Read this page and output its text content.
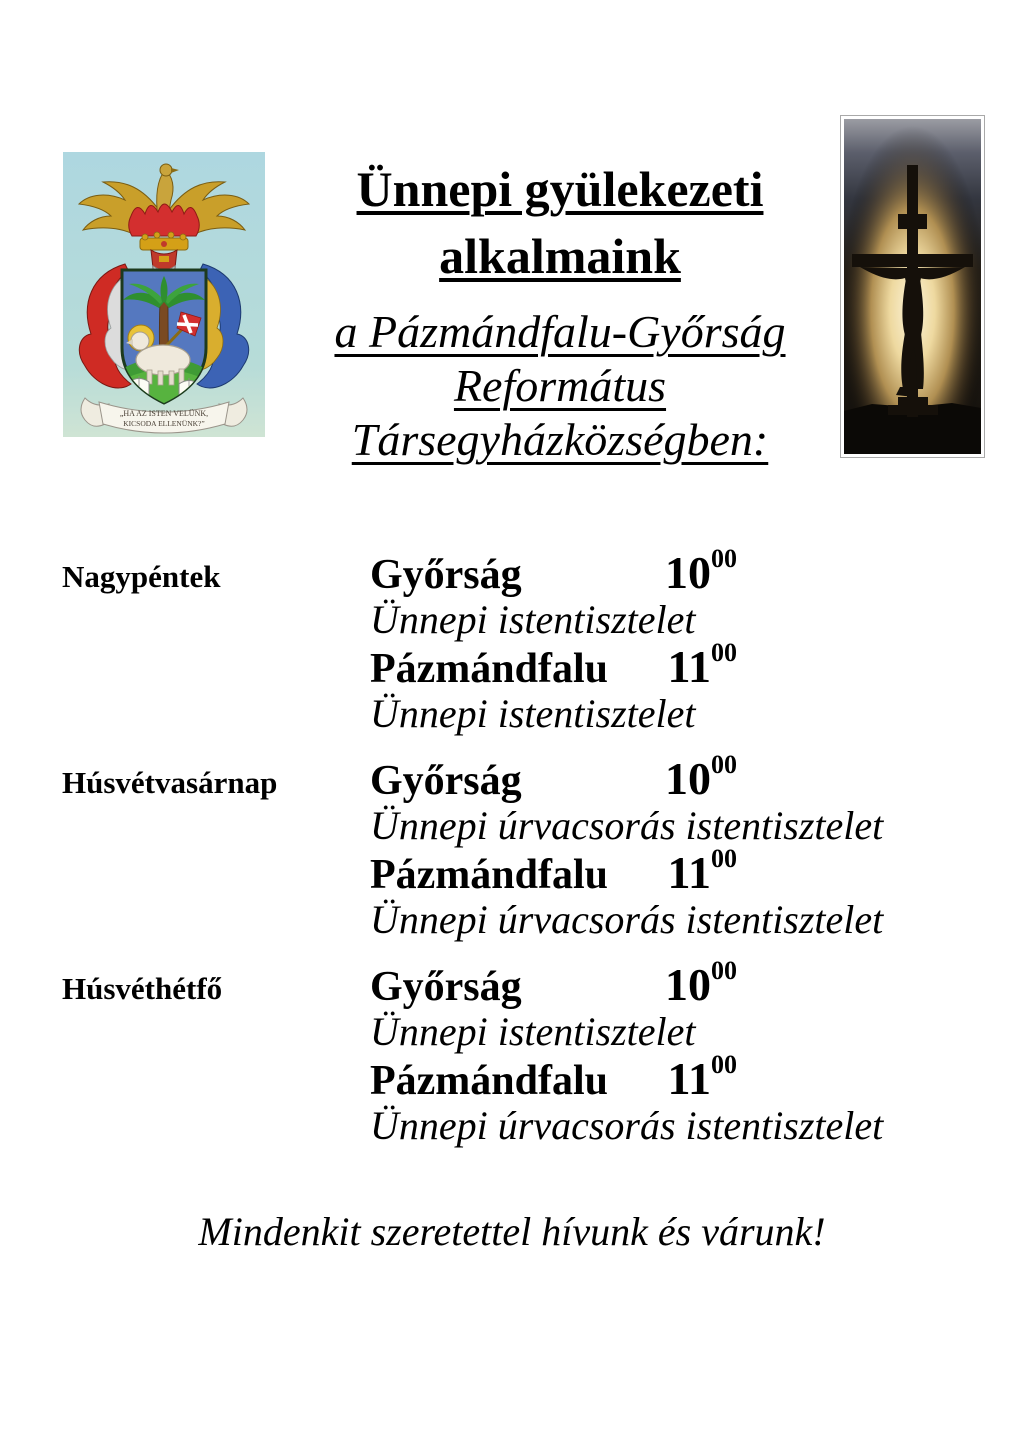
„HA AZ ISTEN VELÜNK,
KICSODA ELLENÜNK?”
Ünnepi gyülekezeti
alkalmaink
a Pázmándfalu-Győrság
Református
Társegyházközségben:
Nagypéntek	Győrság	$10^{00}$
Ünnepi istentisztelet
Pázmándfalu $11^{00}$
Ünnepi istentisztelet
Húsvétvasárnap	Győrság	$10^{00}$
Ünnepi úrvacsorás istentisztelet
Pázmándfalu $11^{00}$
Ünnepi úrvacsorás istentisztelet
Húsvéthétfő	Győrság	$10^{00}$
Ünnepi istentisztelet
Pázmándfalu $11^{00}$
Ünnepi úrvacsorás istentisztelet
Mindenkit szeretettel hívunk és várunk!
